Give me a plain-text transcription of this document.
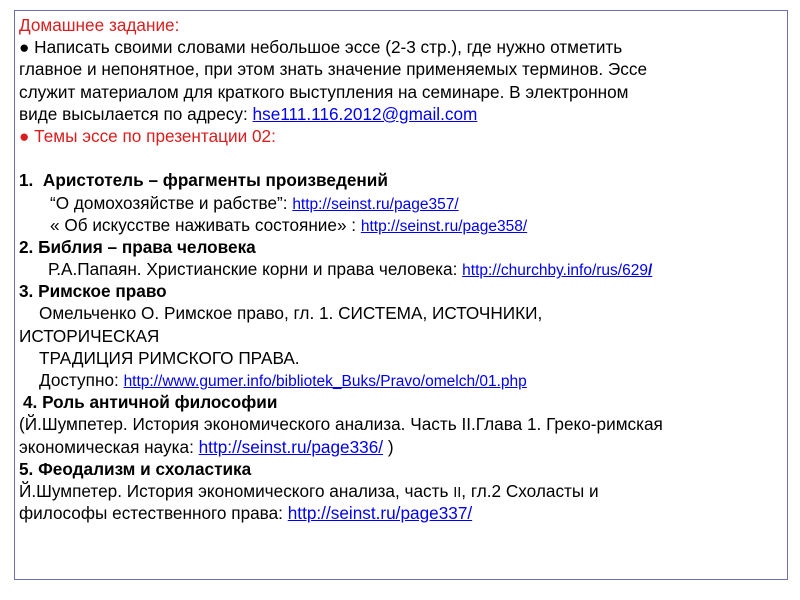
Домашнее задание:
● Написать своими словами небольшое эссе (2-3 стр.), где нужно отметить
главное и непонятное, при этом знать значение применяемых терминов. Эссе
служит материалом для краткого выступления на семинаре. В электронном
виде высылается по адресу: hse111.116.2012@gmail.com
● Темы эссе по презентации 02:
1. Аристотель – фрагменты произведений
“О домохозяйстве и рабстве”: http://seinst.ru/page357/
« Об искусстве наживать состояние» : http://seinst.ru/page358/
2. Библия – права человека
Р.А.Папаян. Христианские корни и права человека: http://churchby.info/rus/629/
3. Римское право
Омельченко О. Римское право, гл. 1. СИСТЕМА, ИСТОЧНИКИ,
ИСТОРИЧЕСКАЯ
ТРАДИЦИЯ РИМСКОГО ПРАВА.
Доступно: http://www.gumer.info/bibliotek_Buks/Pravo/omelch/01.php
4. Роль античной философии
(Й.Шумпетер. История экономического анализа. Часть II.Глава 1. Греко-римская
экономическая наука: http://seinst.ru/page336/ )
5. Феодализм и схоластика
Й.Шумпетер. История экономического анализа, часть II, гл.2 Схоласты и
философы естественного права: http://seinst.ru/page337/
